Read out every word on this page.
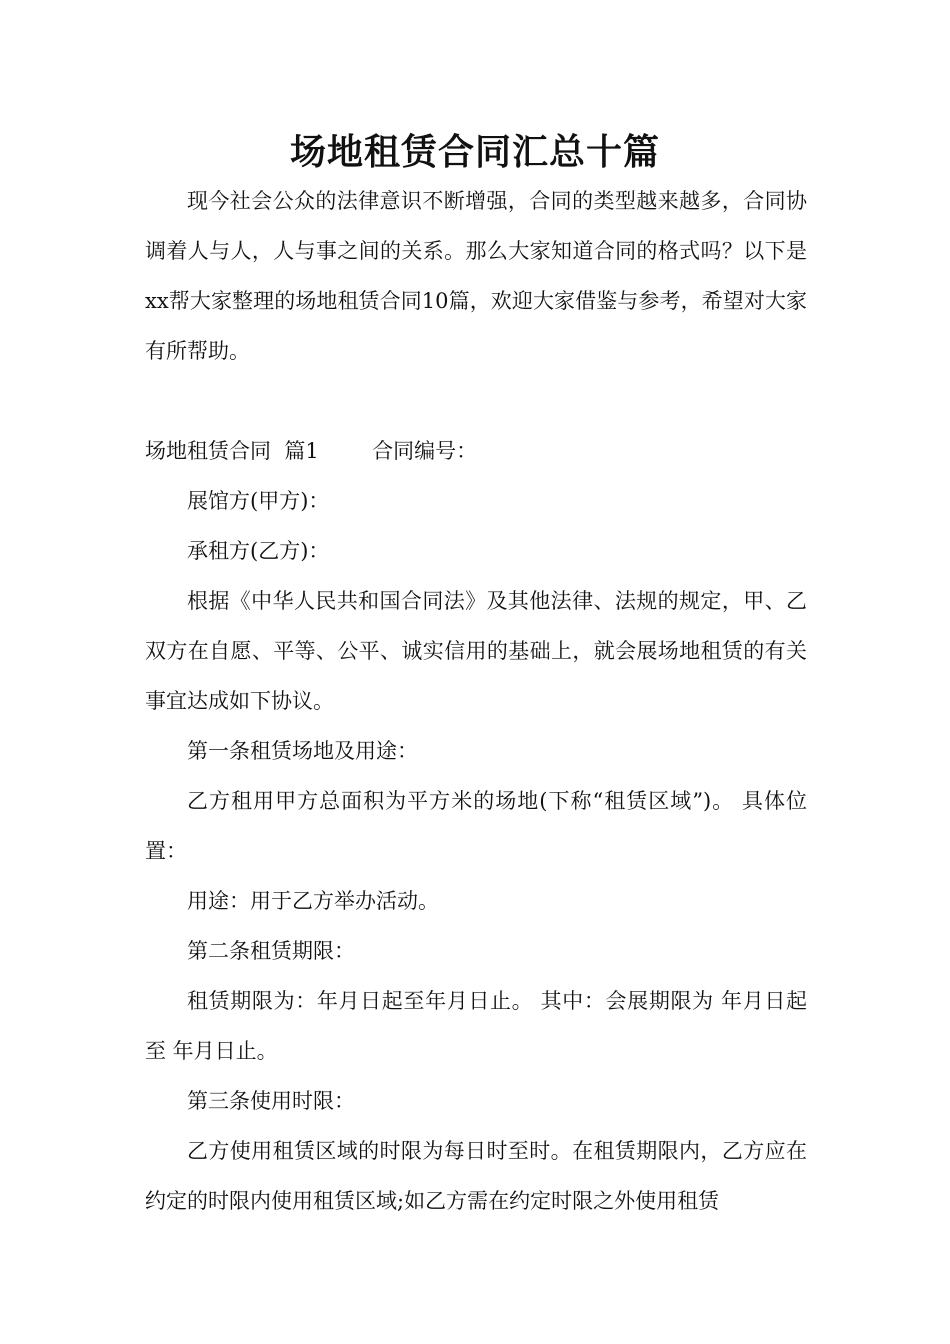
场地租赁合同汇总十篇

现今社会公众的法律意识不断增强，合同的类型越来越多，合同协调着人与人，人与事之间的关系。那么大家知道合同的格式吗？以下是xx帮大家整理的场地租赁合同10篇，欢迎大家借鉴与参考，希望对大家有所帮助。

场地租赁合同  篇1        合同编号：

展馆方(甲方)：

承租方(乙方)：

根据《中华人民共和国合同法》及其他法律、法规的规定，甲、乙双方在自愿、平等、公平、诚实信用的基础上，就会展场地租赁的有关事宜达成如下协议。

第一条租赁场地及用途：

乙方租用甲方总面积为平方米的场地(下称“租赁区域”)。 具体位置：

用途：用于乙方举办活动。

第二条租赁期限：

租赁期限为：年月日起至年月日止。 其中：会展期限为 年月日起至 年月日止。

第三条使用时限：

乙方使用租赁区域的时限为每日时至时。在租赁期限内，乙方应在约定的时限内使用租赁区域;如乙方需在约定时限之外使用租赁
